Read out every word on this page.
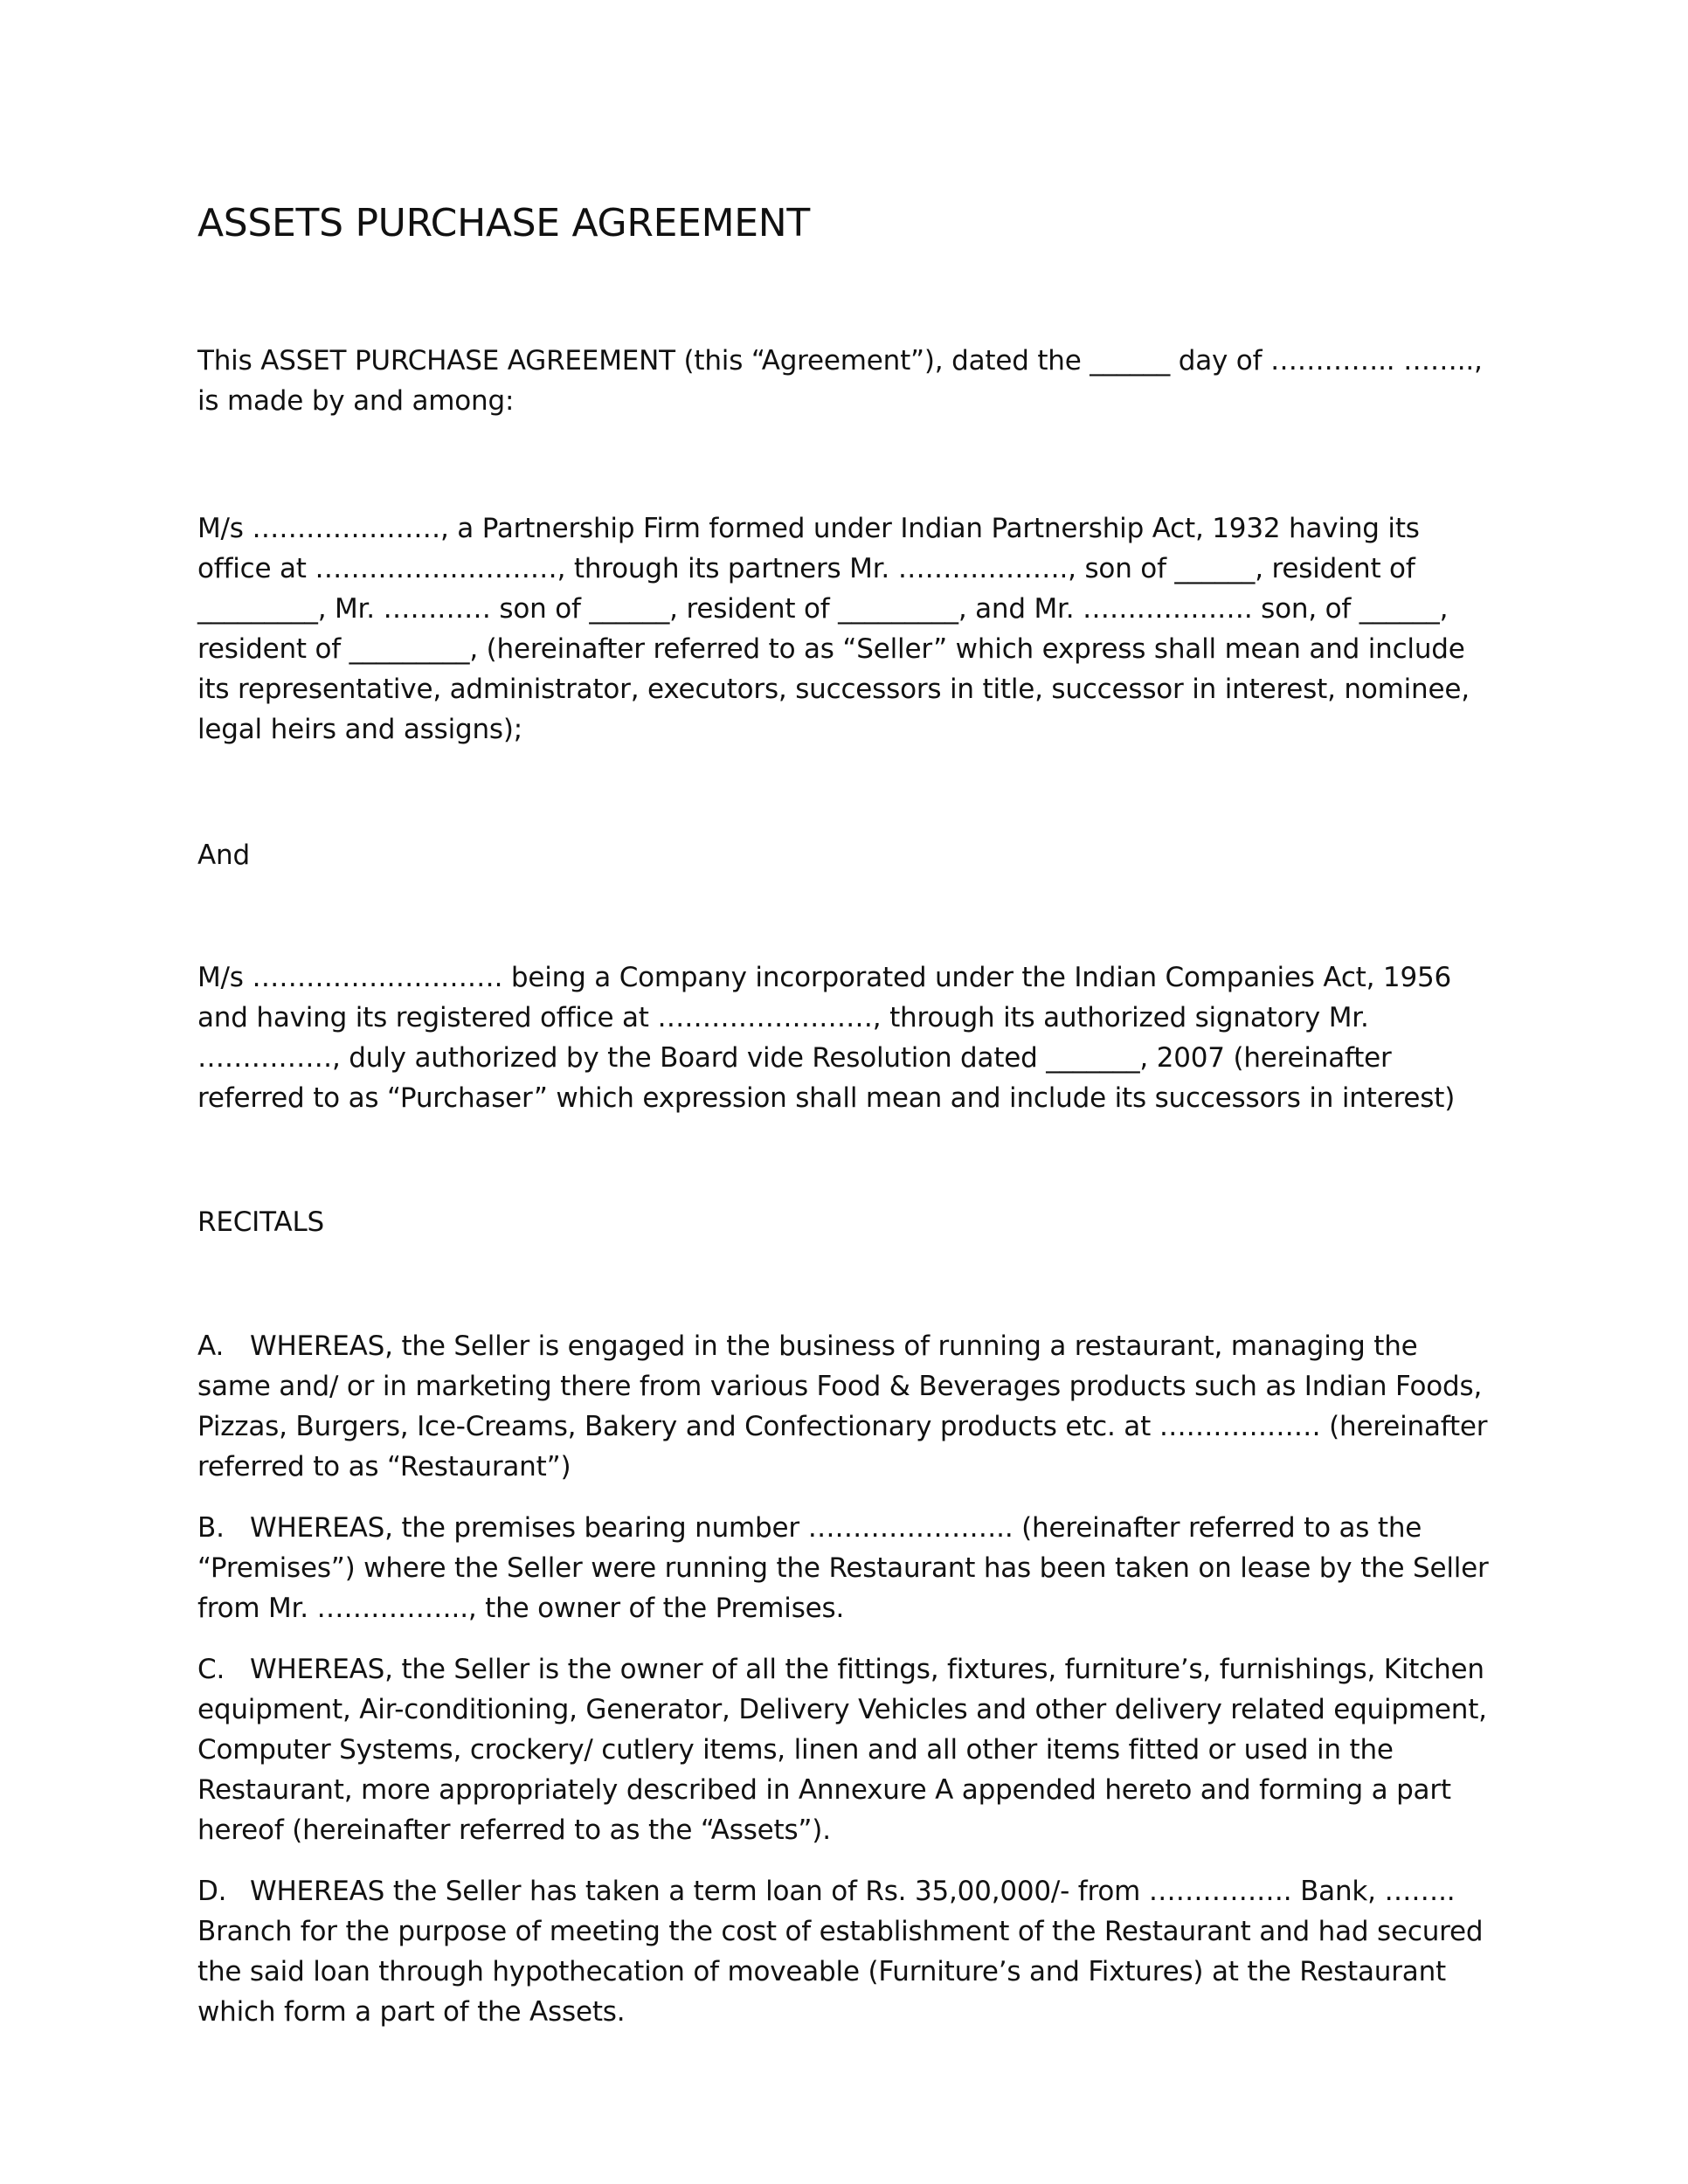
ASSETS PURCHASE AGREEMENT

This ASSET PURCHASE AGREEMENT (this “Agreement”), dated the ______ day of ………….. …….., is made by and among:

M/s …………………, a Partnership Firm formed under Indian Partnership Act, 1932 having its office at ………………………, through its partners Mr. ………………., son of ______, resident of _________, Mr. ………… son of ______, resident of _________, and Mr. ………………. son, of ______, resident of _________, (hereinafter referred to as “Seller” which express shall mean and include its representative, administrator, executors, successors in title, successor in interest, nominee, legal heirs and assigns);

And

M/s ………………………. being a Company incorporated under the Indian Companies Act, 1956 and having its registered office at ……………………, through its authorized signatory Mr. ……………, duly authorized by the Board vide Resolution dated _______, 2007 (hereinafter referred to as “Purchaser” which expression shall mean and include its successors in interest)

RECITALS

A. WHEREAS, the Seller is engaged in the business of running a restaurant, managing the same and/ or in marketing there from various Food & Beverages products such as Indian Foods, Pizzas, Burgers, Ice-Creams, Bakery and Confectionary products etc. at ……………… (hereinafter referred to as “Restaurant”)

B. WHEREAS, the premises bearing number ………………….. (hereinafter referred to as the “Premises”) where the Seller were running the Restaurant has been taken on lease by the Seller from Mr. …………….., the owner of the Premises.

C. WHEREAS, the Seller is the owner of all the fittings, fixtures, furniture’s, furnishings, Kitchen equipment, Air-conditioning, Generator, Delivery Vehicles and other delivery related equipment, Computer Systems, crockery/ cutlery items, linen and all other items fitted or used in the Restaurant, more appropriately described in Annexure A appended hereto and forming a part hereof (hereinafter referred to as the “Assets”).

D. WHEREAS the Seller has taken a term loan of Rs. 35,00,000/- from ……………. Bank, …….. Branch for the purpose of meeting the cost of establishment of the Restaurant and had secured the said loan through hypothecation of moveable (Furniture’s and Fixtures) at the Restaurant which form a part of the Assets.
